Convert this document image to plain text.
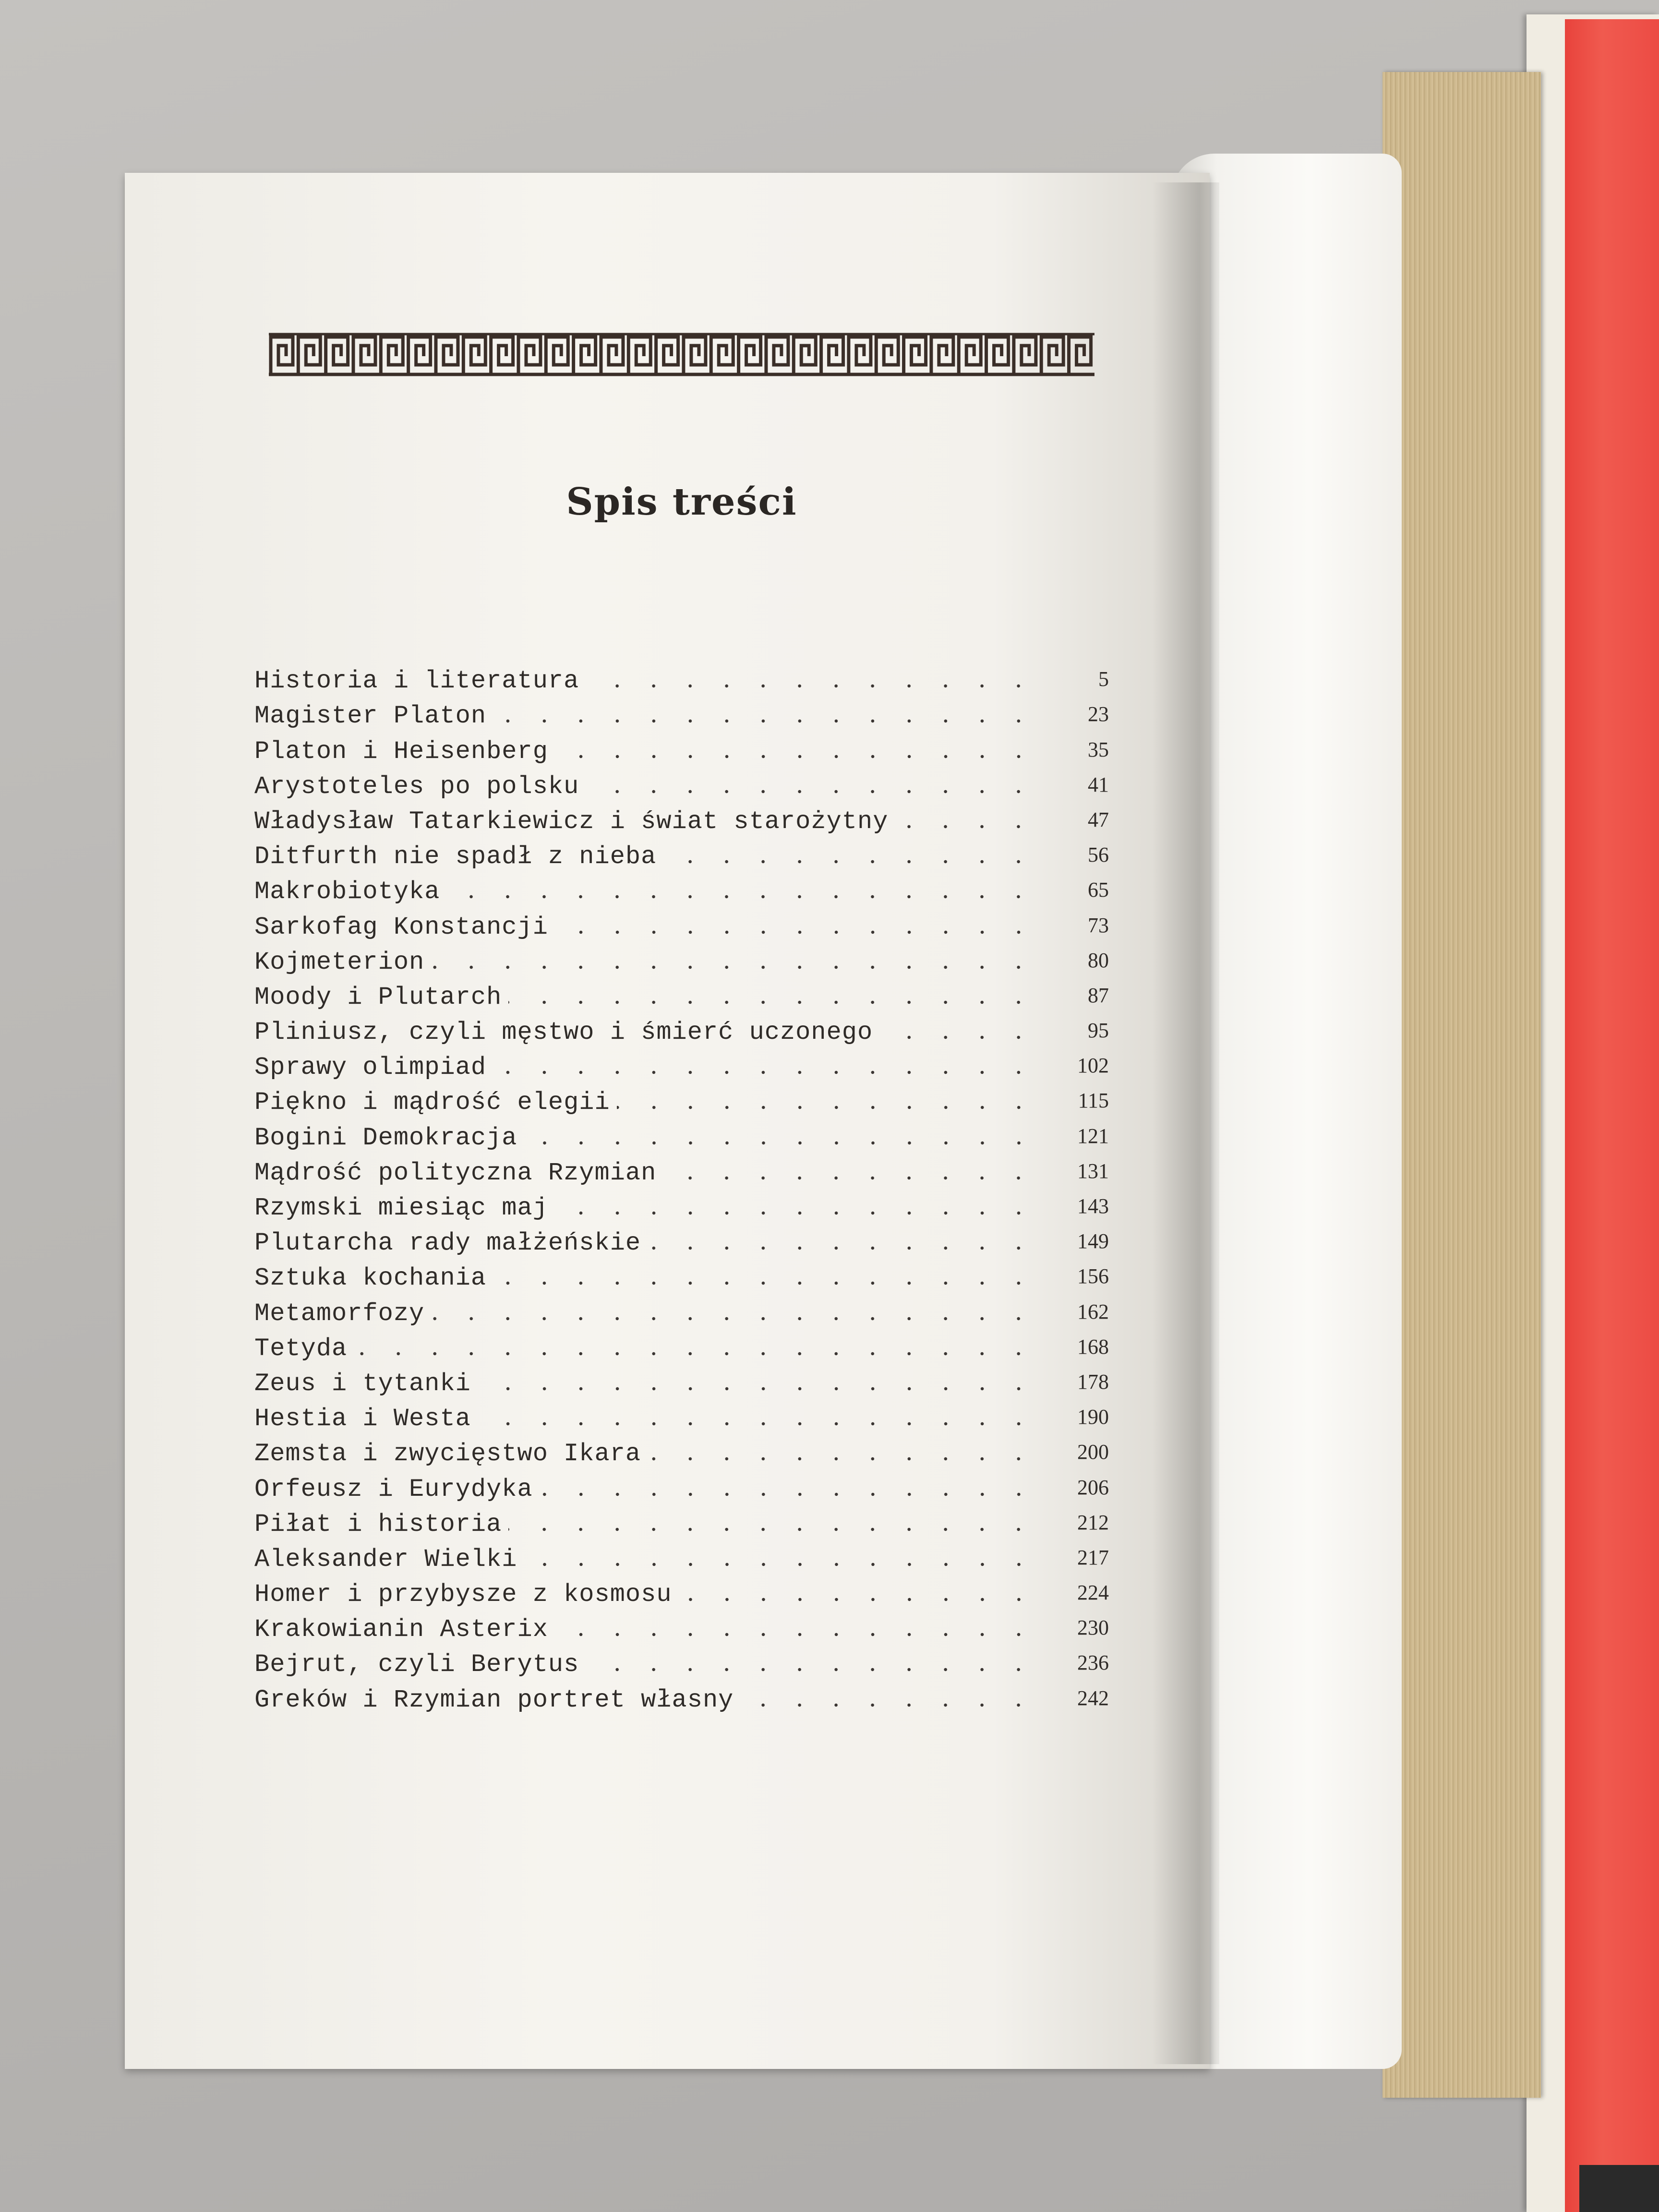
Spis treści
Historia i literatura	5
Magister Platon	23
Platon i Heisenberg	35
Arystoteles po polsku	41
Władysław Tatarkiewicz i świat starożytny	47
Ditfurth nie spadł z nieba	56
Makrobiotyka	65
Sarkofag Konstancji	73
Kojmeterion	80
Moody i Plutarch	87
Pliniusz, czyli męstwo i śmierć uczonego	95
Sprawy olimpiad	102
Piękno i mądrość elegii	115
Bogini Demokracja	121
Mądrość polityczna Rzymian	131
Rzymski miesiąc maj	143
Plutarcha rady małżeńskie	149
Sztuka kochania	156
Metamorfozy	162
Tetyda	168
Zeus i tytanki	178
Hestia i Westa	190
Zemsta i zwycięstwo Ikara	200
Orfeusz i Eurydyka	206
Piłat i historia	212
Aleksander Wielki	217
Homer i przybysze z kosmosu	224
Krakowianin Asterix	230
Bejrut, czyli Berytus	236
Greków i Rzymian portret własny	242
